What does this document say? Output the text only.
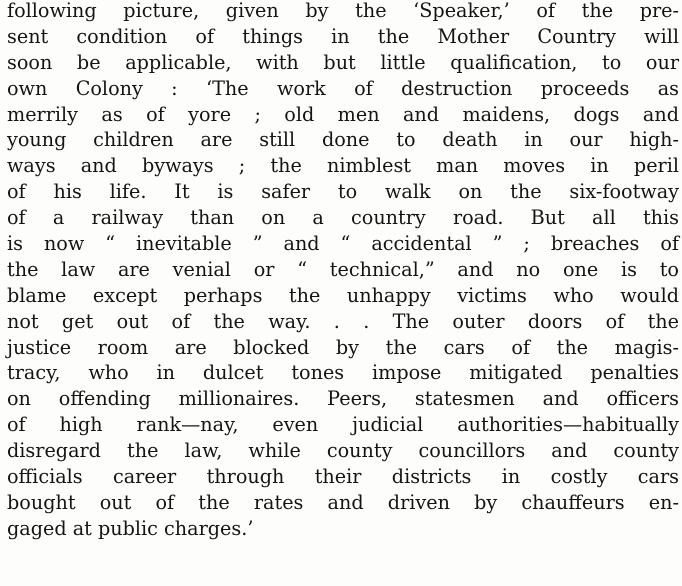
following picture, given by the ‘Speaker,’ of the pre-
sent condition of things in the Mother Country will
soon be applicable, with but little qualification, to our
own Colony : ‘The work of destruction proceeds as
merrily as of yore ; old men and maidens, dogs and
young children are still done to death in our high-
ways and byways ; the nimblest man moves in peril
of his life. It is safer to walk on the six-footway
of a railway than on a country road. But all this
is now “ inevitable ” and “ accidental ” ; breaches of
the law are venial or “ technical,” and no one is to
blame except perhaps the unhappy victims who would
not get out of the way. . . The outer doors of the
justice room are blocked by the cars of the magis-
tracy, who in dulcet tones impose mitigated penalties
on offending millionaires. Peers, statesmen and officers
of high rank—nay, even judicial authorities—habitually
disregard the law, while county councillors and county
officials career through their districts in costly cars
bought out of the rates and driven by chauffeurs en-
gaged at public charges.’
